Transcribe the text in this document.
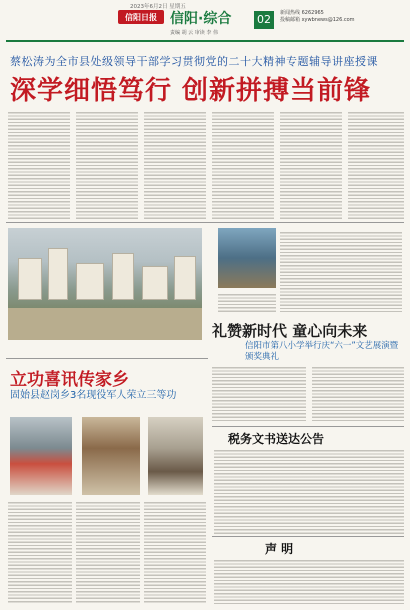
2023年6月2日 星期五
信阳日报 信阳·综合
责编 胡 云 审读 李 伟
02	新闻热线 6262965
投稿邮箱 xywbnews@126.com
蔡松涛为全市县处级领导干部学习贯彻党的二十大精神专题辅导讲座授课
深学细悟笃行 创新拼搏当前锋
礼赞新时代 童心向未来
信阳市第八小学举行庆“六一”文艺展演暨颁奖典礼
立功喜讯传家乡
固始县赵岗乡3名现役军人荣立三等功
税务文书送达公告
声 明
